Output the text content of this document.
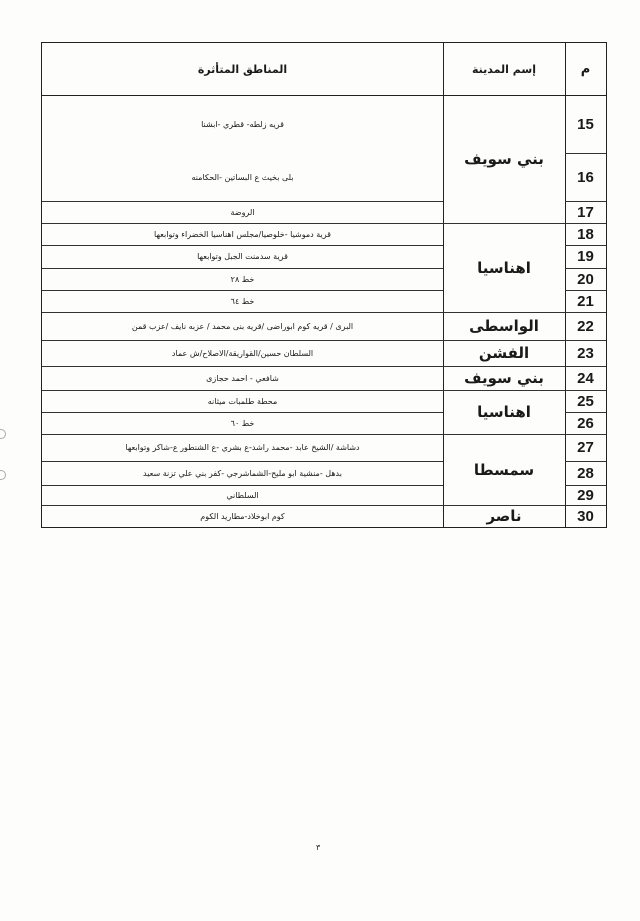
المناطق المتأثرة	إسم المدينة	م
15
16
17
18
19
20
21
22
23
24
25
26
27
28
29
30
قريه زلطه- قطري -ابشنا
بلى بخيث ع البساتين -الحكامنه
الروضة
قرية دموشيا -خلوصيا/مجلس اهناسيا الخضراء وتوابعها
قرية سدمنت الجبل وتوابعها
خط ٢٨
خط ٦٤
البرى / قريه كوم ابوراضى /قريه بنى محمد / عزبه نايف /عزب قمن
السلطان حسين/القواريقة/الاصلاح/ش عماد
شافعي - احمد حجازى
محطة طلمبات ميثانه
خط ٦٠
دشاشة /الشيخ عابد -محمد راشد-ع بشري -ع الشنطور ع-شاكر وتوابعها
بدهل -منشية ابو مليح-الشماشرجي -كفر بني علي تزنة سعيد
السلطاني
كوم ابوخلاد-مطاريد الكوم
بني سويف
اهناسيا
الواسطى
الفشن
بني سويف
اهناسيا
سمسطا
ناصر
٣
